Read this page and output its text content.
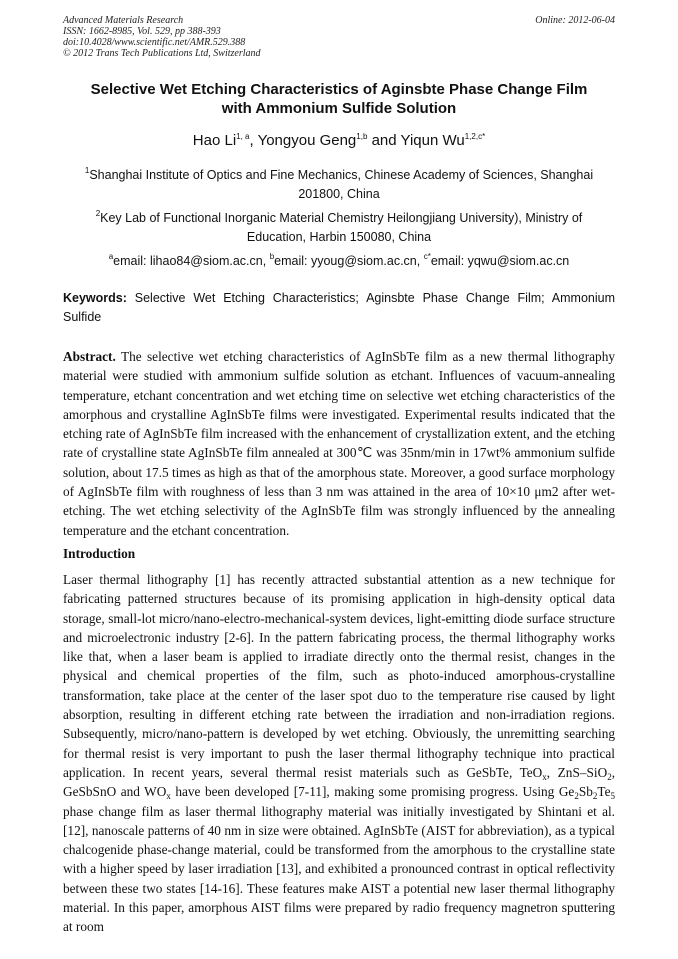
Advanced Materials Research
ISSN: 1662-8985, Vol. 529, pp 388-393
doi:10.4028/www.scientific.net/AMR.529.388
© 2012 Trans Tech Publications Ltd, Switzerland
Online: 2012-06-04
Selective Wet Etching Characteristics of Aginsbte Phase Change Film
with Ammonium Sulfide Solution
Hao Li$^{1, a}$, Yongyou Geng$^{1,b}$ and Yiqun $Wu^{1,2,c*}$
$^1$Shanghai Institute of Optics and Fine Mechanics, Chinese Academy of Sciences, Shanghai
201800, China
$^2$Key Lab of Functional Inorganic Material Chemistry Heilongjiang University), Ministry of
Education, Harbin 150080, China
$^a$email: lihao84@siom.ac.cn, $^b$email: yyoug@siom.ac.cn, $^{c*}$email: yqwu@siom.ac.cn
Keywords: Selective Wet Etching Characteristics; Aginsbte Phase Change Film; Ammonium Sulfide
Abstract. The selective wet etching characteristics of AgInSbTe film as a new thermal lithography material were studied with ammonium sulfide solution as etchant. Influences of vacuum-annealing temperature, etchant concentration and wet etching time on selective wet etching characteristics of the amorphous and crystalline AgInSbTe films were investigated. Experimental results indicated that the etching rate of AgInSbTe film increased with the enhancement of crystallization extent, and the etching rate of crystalline state AgInSbTe film annealed at 300℃ was 35nm/min in 17wt% ammonium sulfide solution, about 17.5 times as high as that of the amorphous state. Moreover, a good surface morphology of AgInSbTe film with roughness of less than 3 nm was attained in the area of 10×10 μm2 after wet-etching. The wet etching selectivity of the AgInSbTe film was strongly influenced by the annealing temperature and the etchant concentration.
Introduction
Laser thermal lithography [1] has recently attracted substantial attention as a new technique for fabricating patterned structures because of its promising application in high-density optical data storage, small-lot micro/nano-electro-mechanical-system devices, light-emitting diode surface structure and microelectronic industry [2-6]. In the pattern fabricating process, the thermal lithography works like that, when a laser beam is applied to irradiate directly onto the thermal resist, changes in the physical and chemical properties of the film, such as photo-induced amorphous-crystalline transformation, take place at the center of the laser spot duo to the temperature rise caused by light absorption, resulting in different etching rate between the irradiation and non-irradiation regions. Subsequently, micro/nano-pattern is developed by wet etching. Obviously, the unremitting searching for thermal resist is very important to push the laser thermal lithography technique into practical application. In recent years, several thermal resist materials such as GeSbTe, TeO$_x$, ZnS–SiO$_2$, GeSbSnO and $WO_x$ have been developed [7-11], making some promising progress. Using $Ge_2Sb_2Te_5$ phase change film as laser thermal lithography material was initially investigated by Shintani et al. [12], nanoscale patterns of 40 nm in size were obtained. AgInSbTe (AIST for abbreviation), as a typical chalcogenide phase-change material, could be transformed from the amorphous to the crystalline state with a higher speed by laser irradiation [13], and exhibited a pronounced contrast in optical reflectivity between these two states [14-16]. These features make AIST a potential new laser thermal lithography material. In this paper, amorphous AIST films were prepared by radio frequency magnetron sputtering at room
